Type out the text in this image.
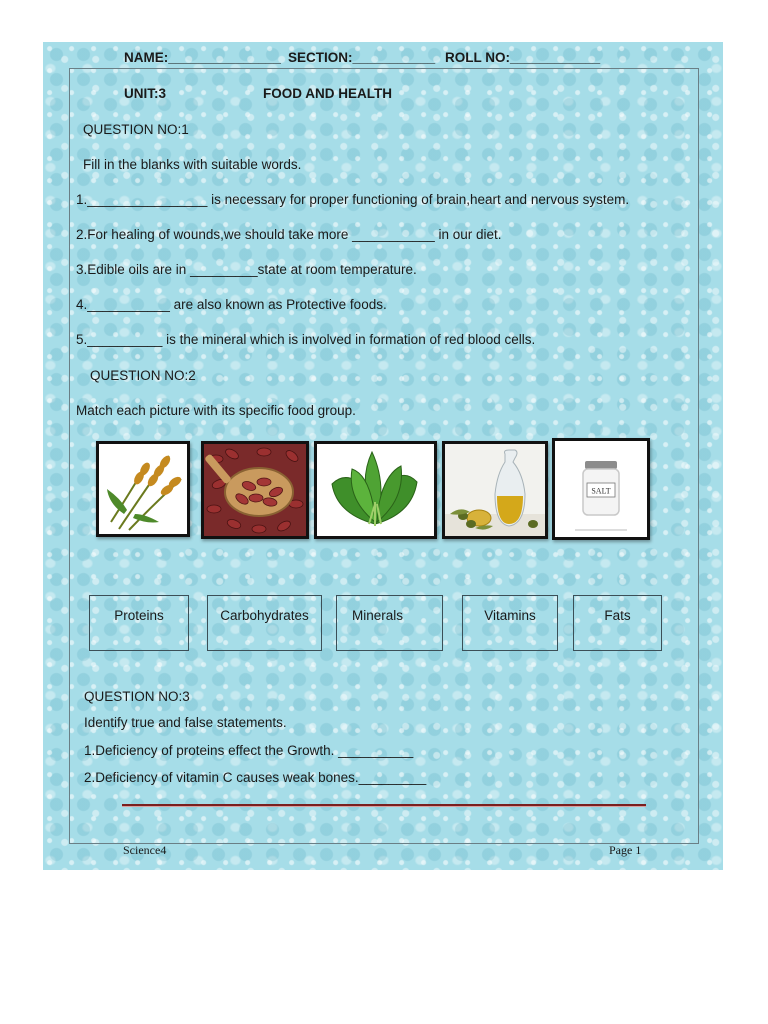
NAME:_______________ SECTION:___________ ROLL NO:____________
UNIT:3	FOOD AND HEALTH
QUESTION NO:1
Fill in the blanks with suitable words.
1.________________ is necessary for proper functioning of brain,heart and nervous system.
2.For healing of wounds,we should take more ___________ in our diet.
3.Edible oils are in _________state at room temperature.
4.___________ are also known as Protective foods.
5.__________ is the mineral which is involved in formation of red blood cells.
QUESTION NO:2
Match each picture with its specific food group.
SALT
Proteins	Carbohydrates	Minerals	Vitamins	Fats
QUESTION NO:3
Identify true and false statements.
1.Deficiency of proteins effect the Growth. __________
2.Deficiency of vitamin C causes weak bones._________
Science4	Page 1
